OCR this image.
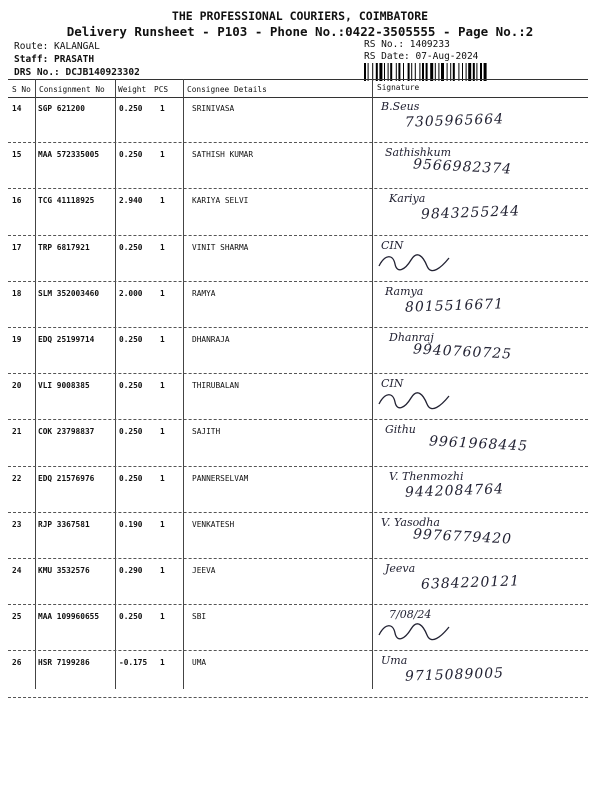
THE PROFESSIONAL COURIERS, COIMBATORE
Delivery Runsheet - P103 - Phone No.:0422-3505555 - Page No.:2
Route: KALANGAL
Staff: PRASATH
DRS No.: DCJB140923302
RS No.: 1409233
RS Date: 07-Aug-2024
S No Consignment No Weight PCS Consignee Details	Signature
14 SGP 621200	0.250 1	SRINIVASA	B.Seus
7305965664
15 MAA 572335005	0.250 1	SATHISH KUMAR	Sathishkum
9566982374
16 TCG 41118925	2.940 1	KARIYA SELVI	Kariya
9843255244
17 TRP 6817921	0.250 1	VINIT SHARMA	CIN
18 SLM 352003460	2.000 1	RAMYA	Ramya
8015516671
19 EDQ 25199714	0.250 1	DHANRAJA	Dhanraj
9940760725
20 VLI 9008385	0.250 1	THIRUBALAN	CIN
21 COK 23798837	0.250 1	SAJITH	Githu
9961968445
22 EDQ 21576976	0.250 1	PANNERSELVAM	V. Thenmozhi
9442084764
23 RJP 3367581	0.190 1	VENKATESH	V. Yasodha
9976779420
24 KMU 3532576	0.290 1	JEEVA	Jeeva
6384220121
25 MAA 109960655	0.250 1	SBI	7/08/24
26 HSR 7199286	-0.175 1	UMA	Uma
9715089005
